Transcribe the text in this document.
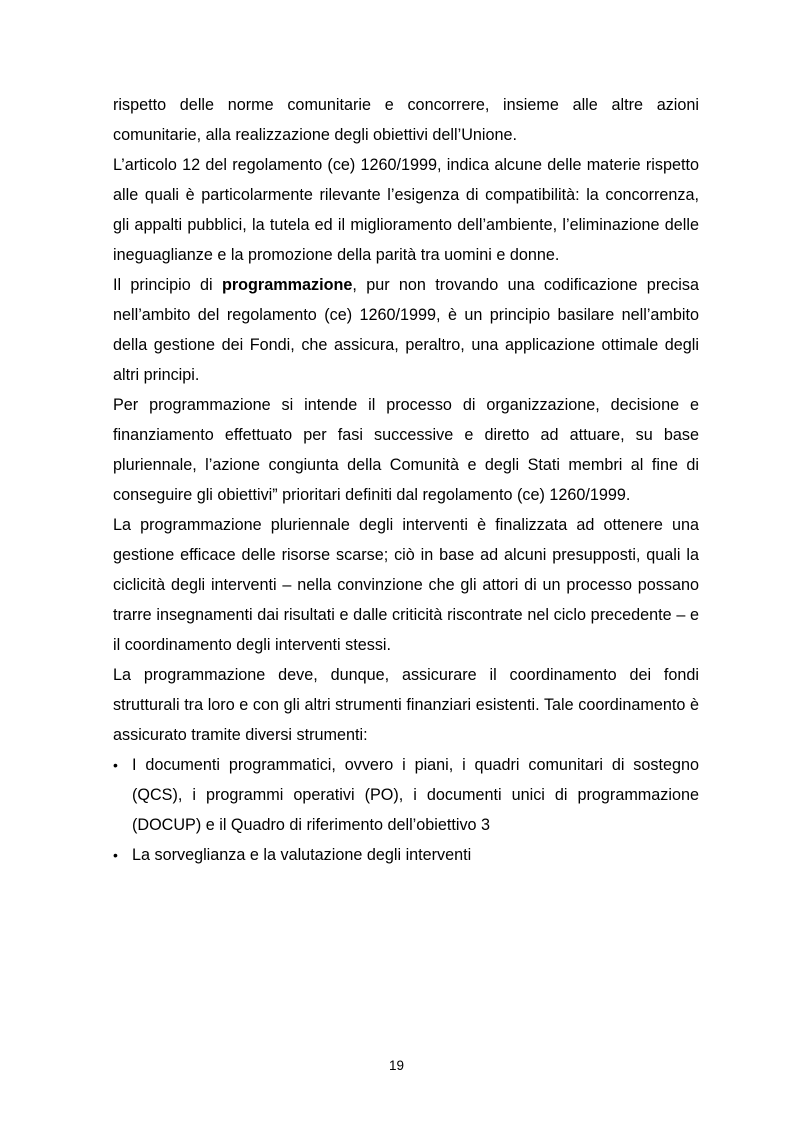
rispetto delle norme comunitarie e concorrere, insieme alle altre azioni comunitarie, alla realizzazione degli obiettivi dell’Unione.

L’articolo 12 del regolamento (ce) 1260/1999, indica alcune delle materie rispetto alle quali è particolarmente rilevante l’esigenza di compatibilità: la concorrenza, gli appalti pubblici, la tutela ed il miglioramento dell’ambiente, l’eliminazione delle ineguaglianze e la promozione della parità tra uomini e donne.

Il principio di programmazione, pur non trovando una codificazione precisa nell’ambito del regolamento (ce) 1260/1999, è un principio basilare nell’ambito della gestione dei Fondi, che assicura, peraltro, una applicazione ottimale degli altri principi.

Per programmazione si intende il processo di organizzazione, decisione e finanziamento effettuato per fasi successive e diretto ad attuare, su base pluriennale, l’azione congiunta della Comunità e degli Stati membri al fine di conseguire gli obiettivi” prioritari definiti dal regolamento (ce) 1260/1999.

La programmazione pluriennale degli interventi è finalizzata ad ottenere una gestione efficace delle risorse scarse; ciò in base ad alcuni presupposti, quali la ciclicità degli interventi – nella convinzione che gli attori di un processo possano trarre insegnamenti dai risultati e dalle criticità riscontrate nel ciclo precedente – e il coordinamento degli interventi stessi.

La programmazione deve, dunque, assicurare il coordinamento dei fondi strutturali tra loro e con gli altri strumenti finanziari esistenti. Tale coordinamento è assicurato tramite diversi strumenti:

• I documenti programmatici, ovvero i piani, i quadri comunitari di sostegno (QCS), i programmi operativi (PO), i documenti unici di programmazione (DOCUP) e il Quadro di riferimento dell’obiettivo 3
• La sorveglianza e la valutazione degli interventi
19
